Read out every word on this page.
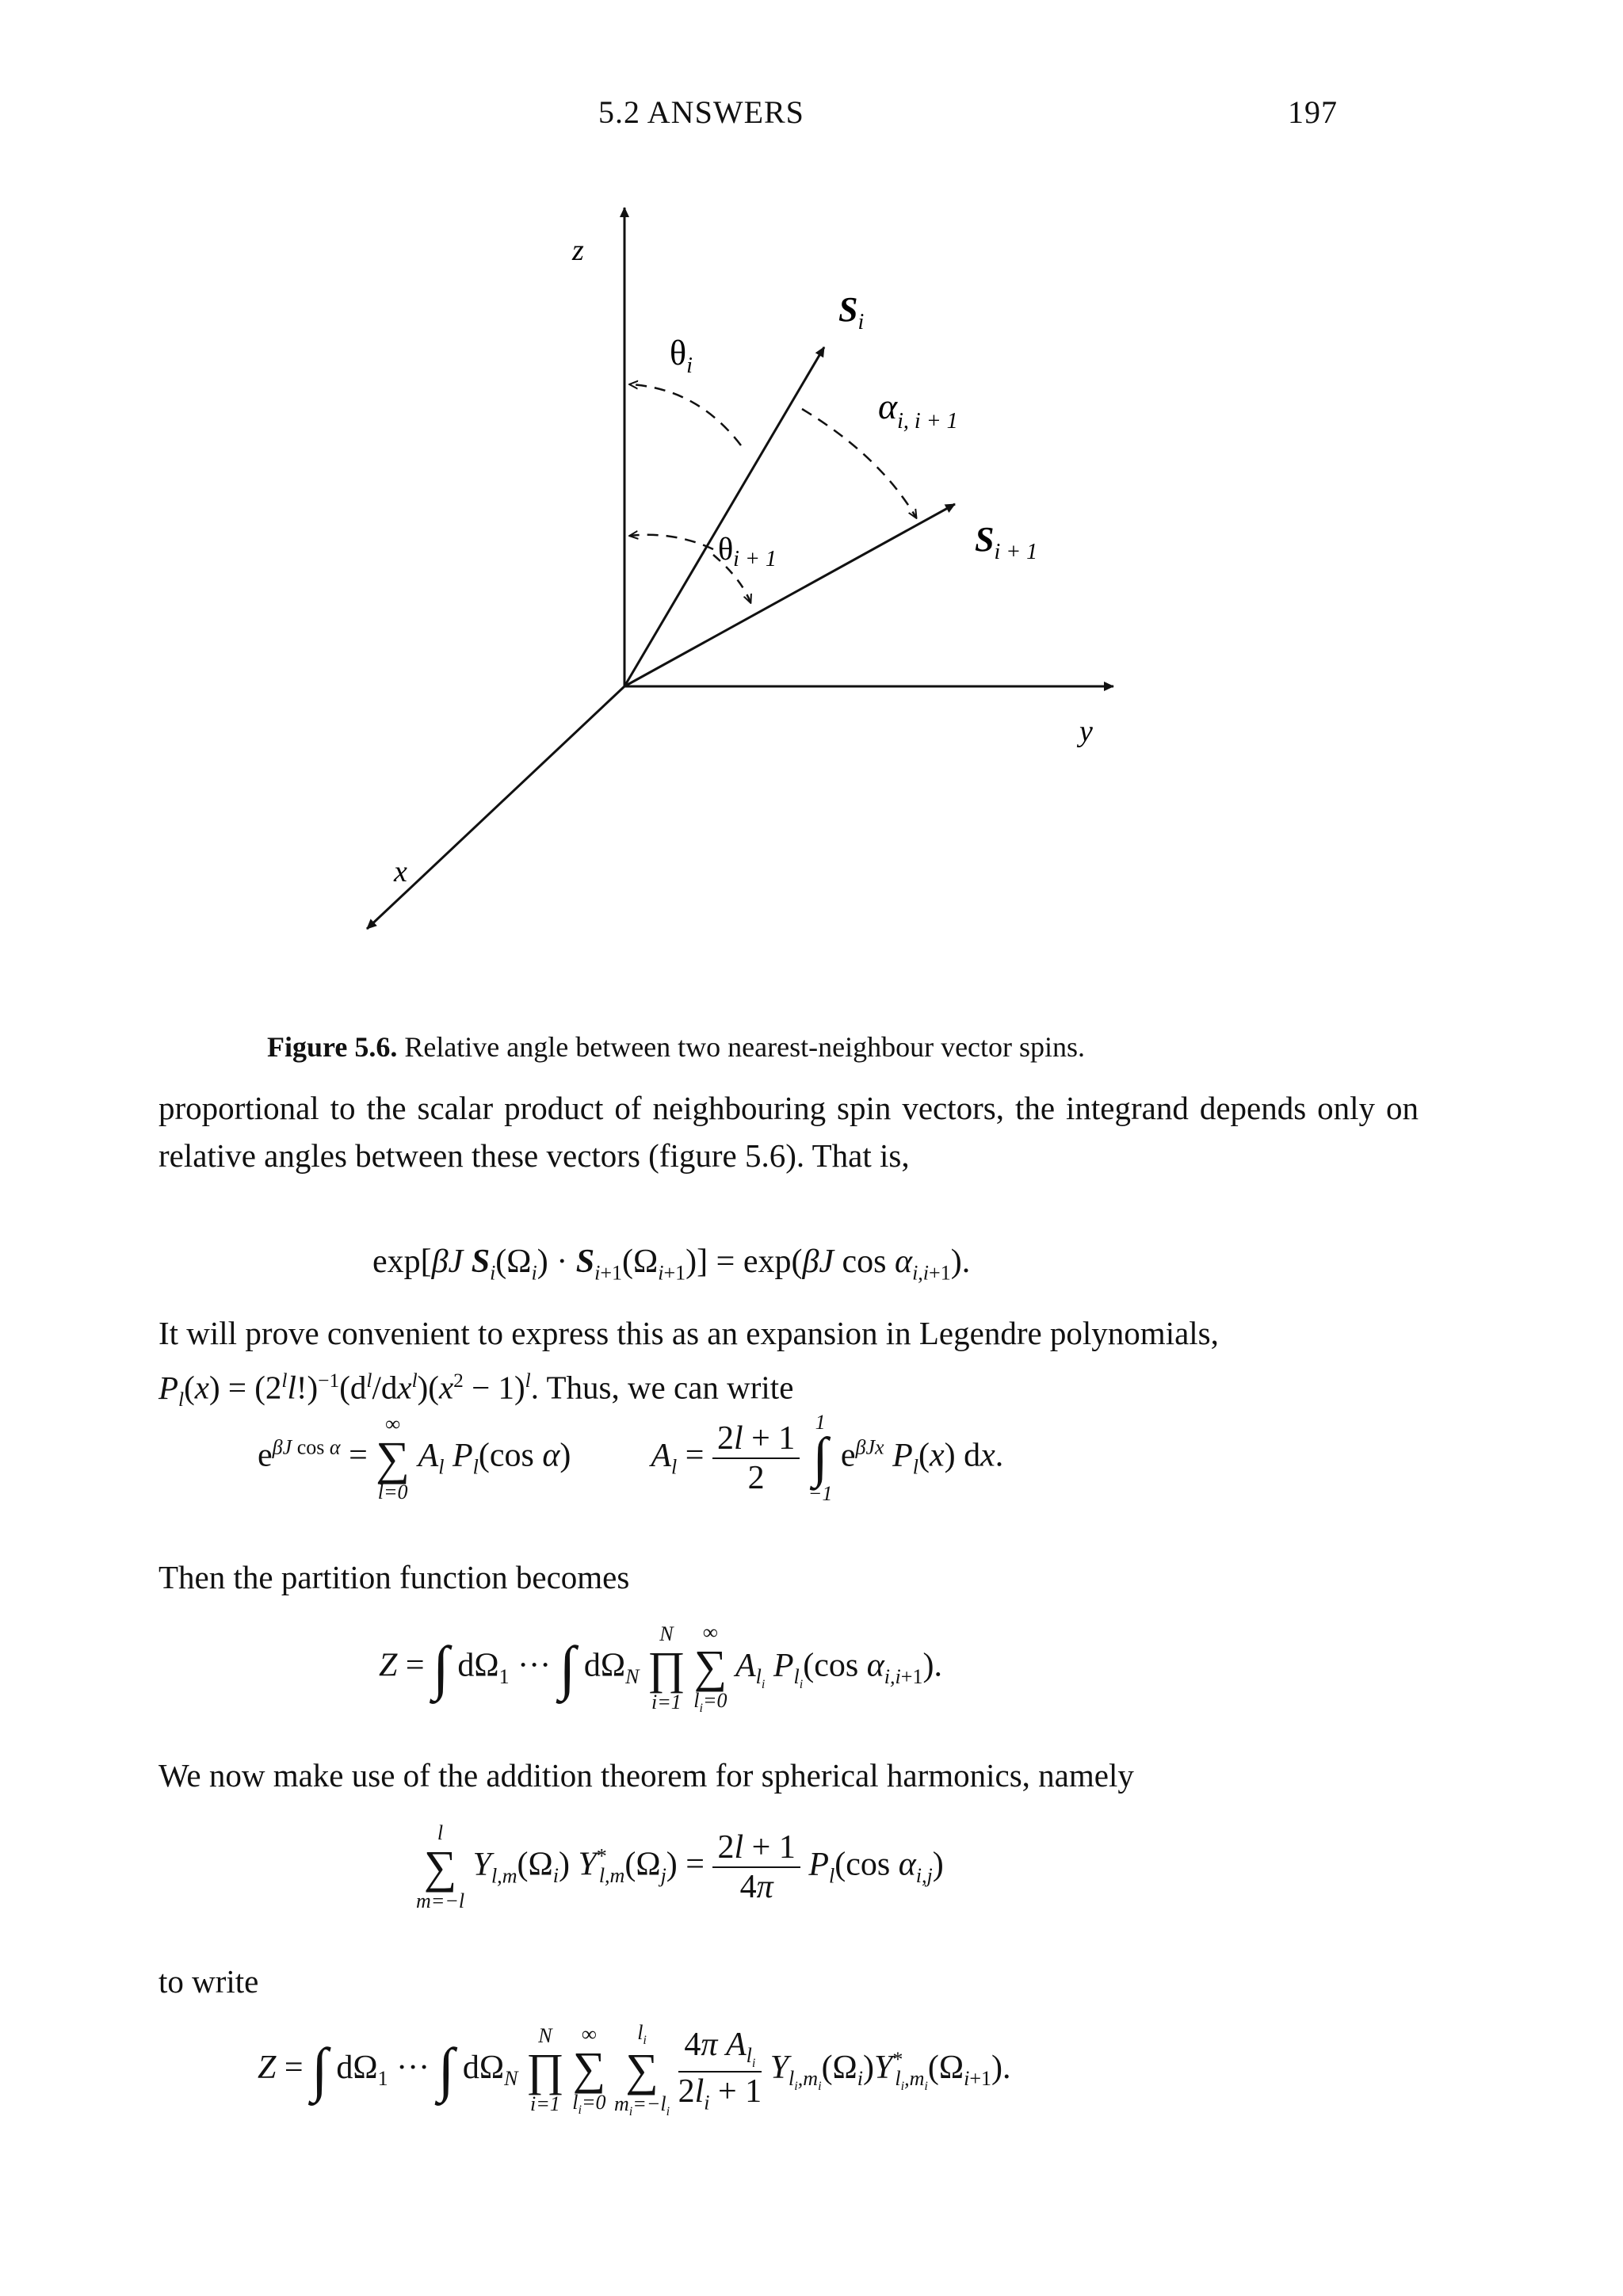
5.2 ANSWERS	197
z
y
x
$S_i$
$S_{i + 1}$
$\theta_i$
$\theta_{i + 1}$
$\alpha_{i, i + 1}$
Figure 5.6. Relative angle between two nearest-neighbour vector spins.
proportional to the scalar product of neighbouring spin vectors, the integrand depends only on relative angles between these vectors (figure 5.6). That is,
exp[βJ $S_i(\Omega_i) \cdot S_{i+1}(\Omega_{i+1})] = \exp(\beta J$ $\cos \alpha_{i,i+1}$).
It will prove convenient to express this as an expansion in Legendre polynomials,
$P_l(x) = (2^ll!)^{-1}(d^l/dx^l)(x^2 - 1)^l$. Thus, we can write
$e^{\beta J cos \alpha}$ =
∞
∑
l=0
$A_l$ $P_l(\cos$ α)  $A_l = \frac{2l + 1}{2}$
1
∫
−1
$e^{\beta Jx}$ $P_l(x)$ dx.
Then the partition function becomes
Z = ∫ $d\Omega_1$ ··· ∫ $d\Omega_N$
N
∏
i=1

∞
∑
$l_i=0$
$A_{l_i}$ $P_{l_i}(\cos$ $\alpha_{i,i+1}$).
We now make use of the addition theorem for spherical harmonics, namely
l
∑
m=−l
$Y_{l,m}(\Omega_i) Y^*_{l,m}(\Omega_j) = \frac{2l + 1}{4\pi} P_l(\cos$ $\alpha_{i,j}$)
to write
Z = ∫ $d\Omega_1$ ··· ∫ $d\Omega_N$
N
∏
i=1

∞
∑
$l_i=0$

$l_i$
∑
$m_i=-l_i$
$\frac{4\pi A_{l_i}}{2l_i + 1} Y_{l_i,m_i}(\Omega_i)Y^*_{l_i,m_i}(\Omega_{i+1})$.
